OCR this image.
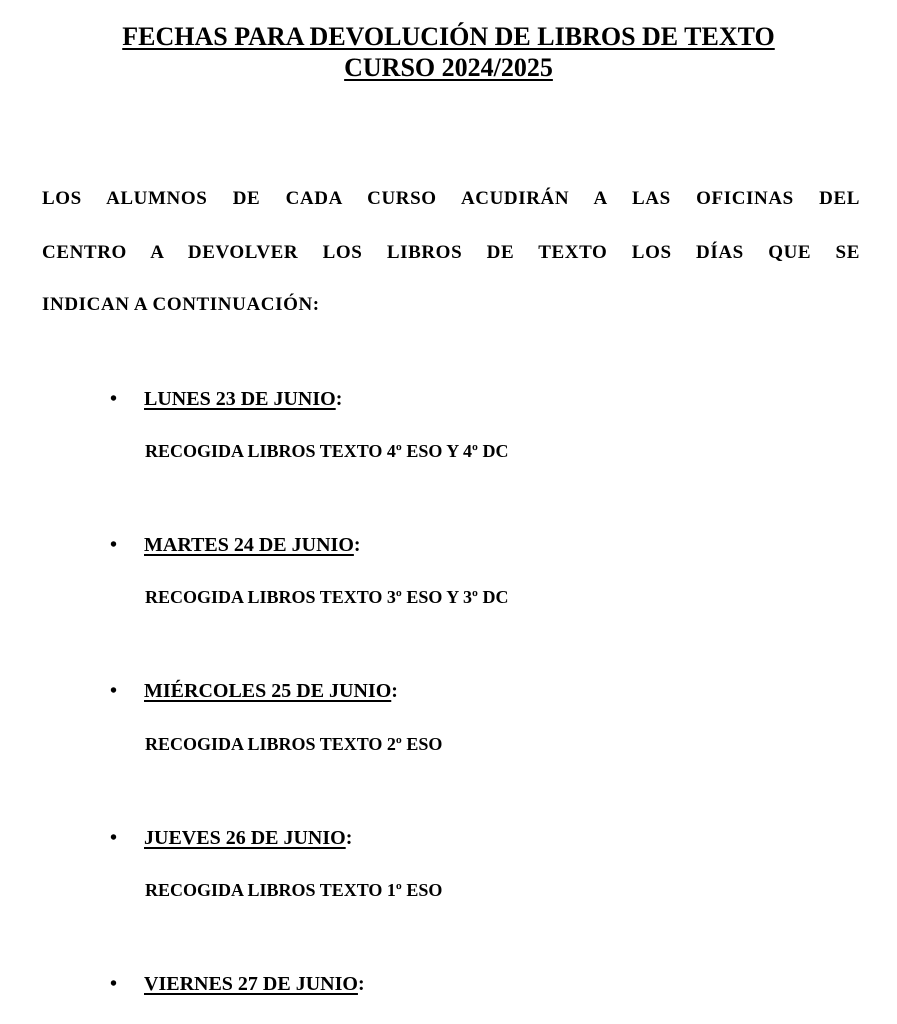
FECHAS PARA DEVOLUCIÓN DE LIBROS DE TEXTO
CURSO 2024/2025
LOS ALUMNOS DE CADA CURSO ACUDIRÁN A LAS OFICINAS DEL
CENTRO A DEVOLVER LOS LIBROS DE TEXTO LOS DÍAS QUE SE
INDICAN A CONTINUACIÓN:
• LUNES 23 DE JUNIO:
RECOGIDA LIBROS TEXTO 4º ESO Y 4º DC
• MARTES 24 DE JUNIO:
RECOGIDA LIBROS TEXTO 3º ESO Y 3º DC
• MIÉRCOLES 25 DE JUNIO:
RECOGIDA LIBROS TEXTO 2º ESO
• JUEVES 26 DE JUNIO:
RECOGIDA LIBROS TEXTO 1º ESO
• VIERNES 27 DE JUNIO:
